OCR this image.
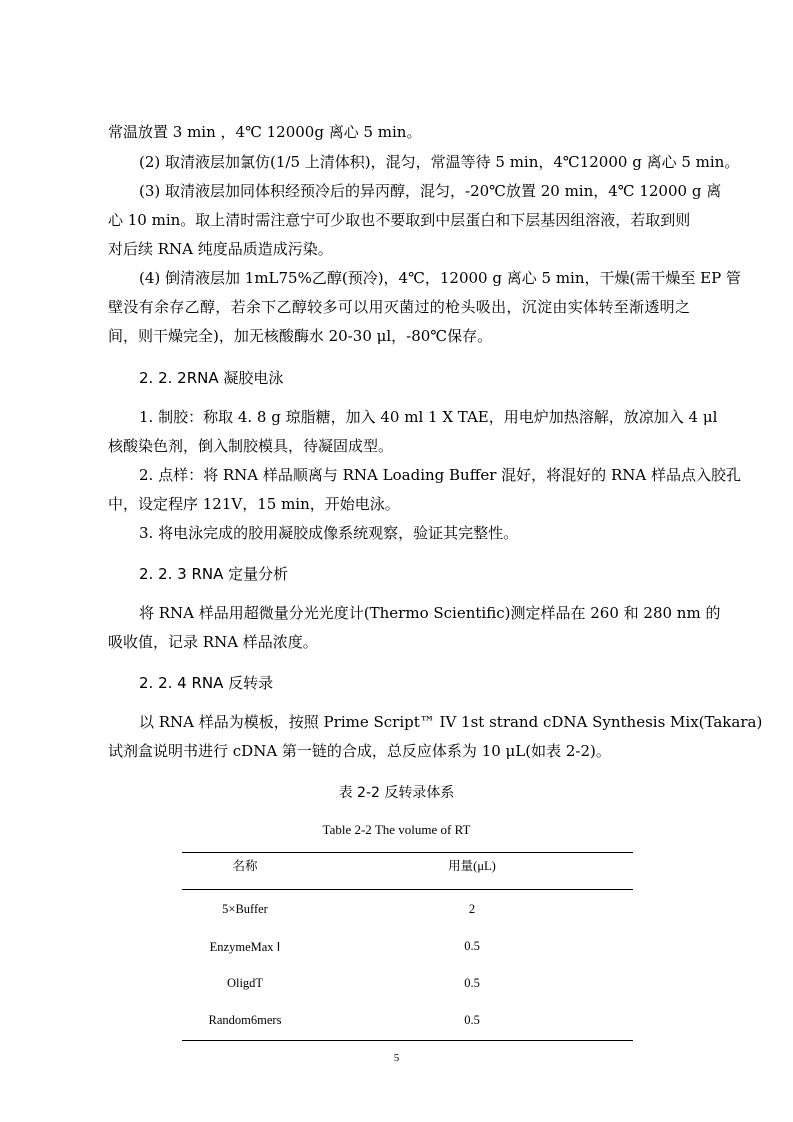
常温放置 3 min ，4℃ 12000g 离心 5 min。
(2) 取清液层加氯仿(1/5 上清体积)，混匀，常温等待 5 min，4℃12000 g 离心 5 min。
(3) 取清液层加同体积经预冷后的异丙醇，混匀，-20℃放置 20 min，4℃ 12000 g 离
心 10 min。取上清时需注意宁可少取也不要取到中层蛋白和下层基因组溶液，若取到则
对后续 RNA 纯度品质造成污染。
(4) 倒清液层加 1mL75%乙醇(预冷)，4℃，12000 g 离心 5 min，干燥(需干燥至 EP 管
壁没有余存乙醇，若余下乙醇较多可以用灭菌过的枪头吸出，沉淀由实体转至渐透明之
间，则干燥完全)，加无核酸酶水 20-30 μl，-80℃保存。
2. 2. 2RNA 凝胶电泳
1. 制胶：称取 4. 8 g 琼脂糖，加入 40 ml 1 X TAE，用电炉加热溶解，放凉加入 4 μl
核酸染色剂，倒入制胶模具，待凝固成型。
2. 点样：将 RNA 样品顺离与 RNA Loading Buffer 混好，将混好的 RNA 样品点入胶孔
中，设定程序 121V，15 min，开始电泳。
3. 将电泳完成的胶用凝胶成像系统观察，验证其完整性。
2. 2. 3 RNA 定量分析
将 RNA 样品用超微量分光光度计(Thermo Scientific)测定样品在 260 和 280 nm 的
吸收值，记录 RNA 样品浓度。
2. 2. 4 RNA 反转录
以 RNA 样品为模板，按照 Prime Script™ IV 1st strand cDNA Synthesis Mix(Takara)
试剂盒说明书进行 cDNA 第一链的合成，总反应体系为 10 μL(如表 2-2)。
表 2-2 反转录体系
Table 2-2 The volume of RT
名称	用量(μL)
5×Buffer	2
EnzymeMax Ⅰ	0.5
OligdT	0.5
Random6mers	0.5
5
